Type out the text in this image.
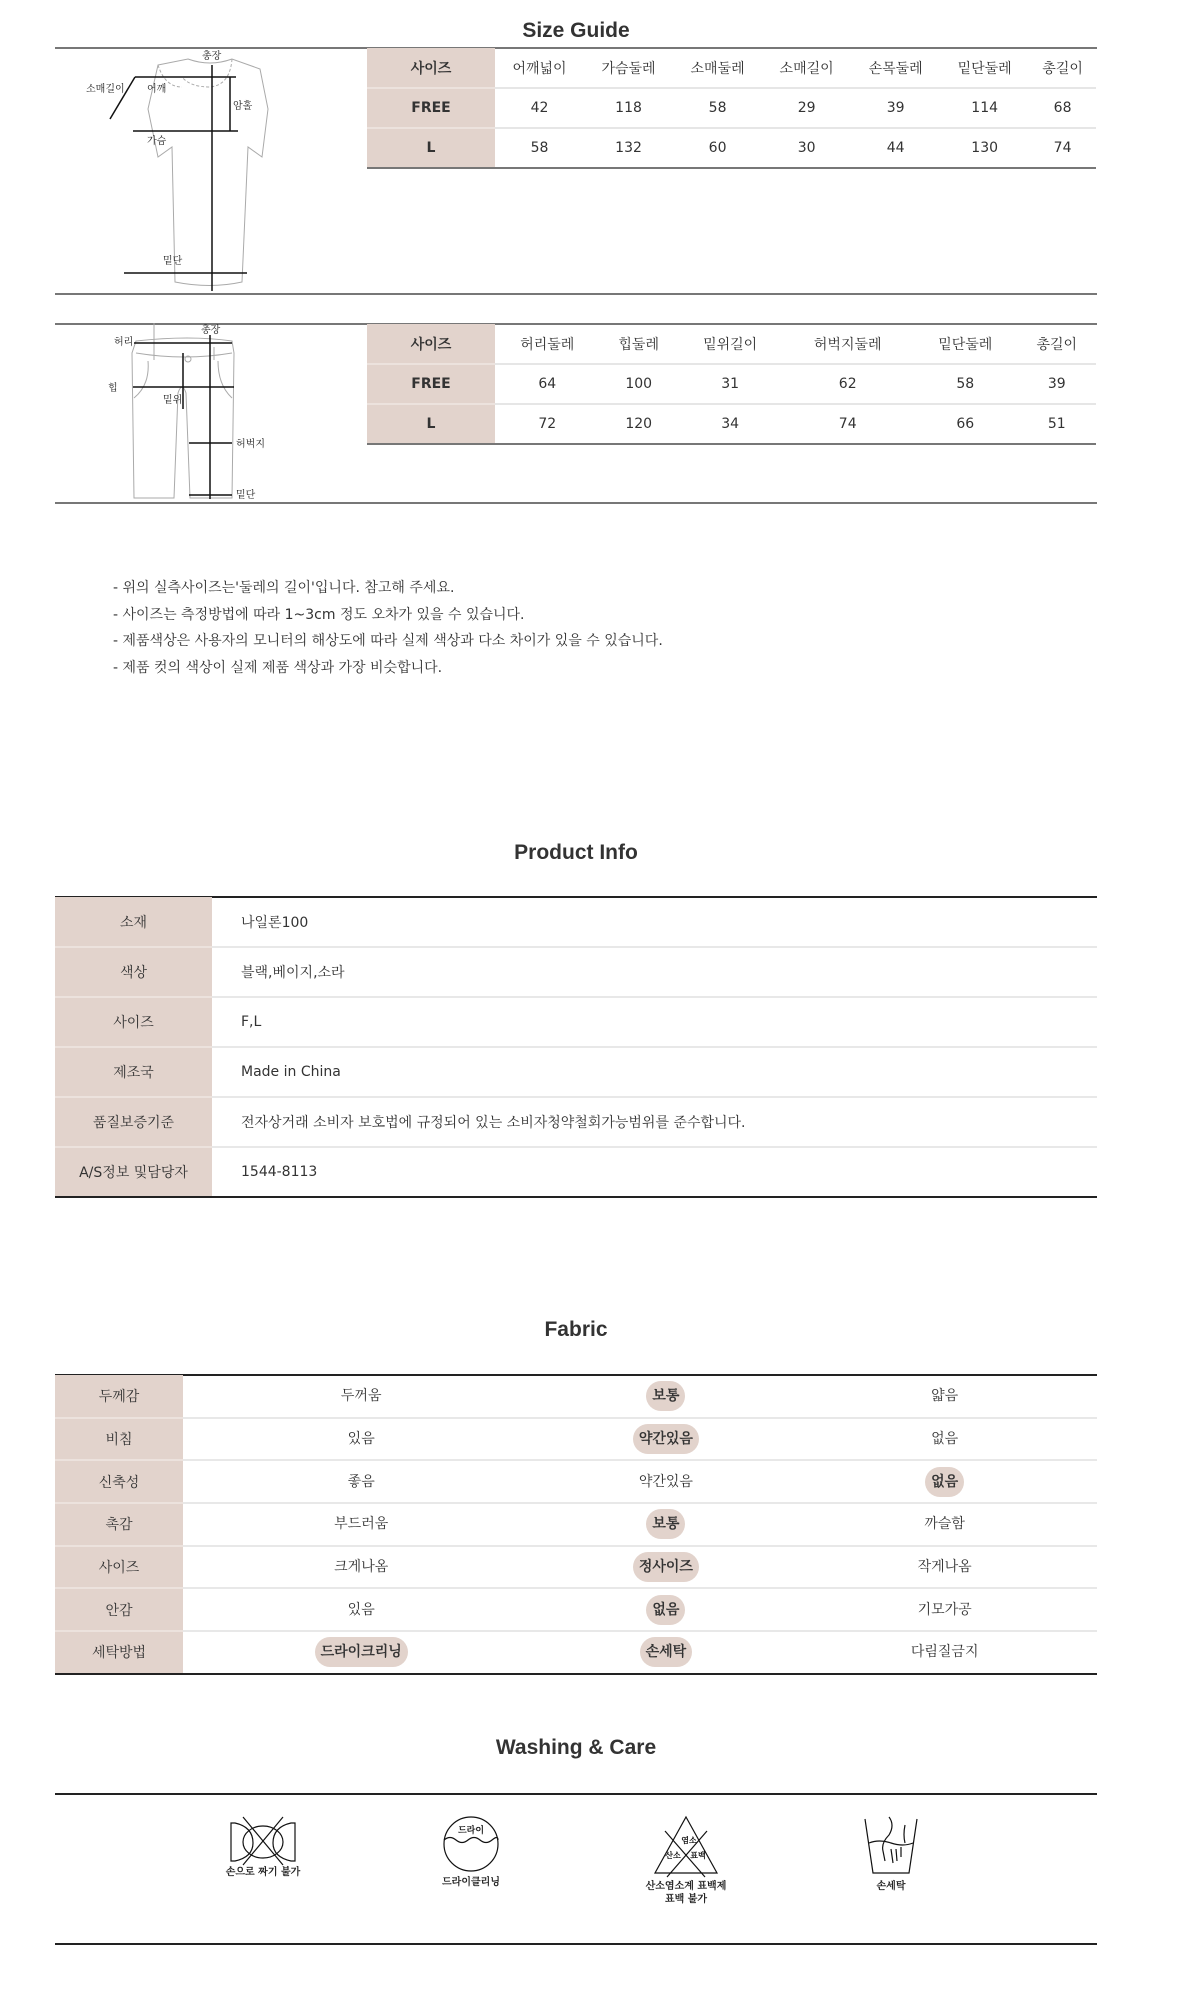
Size Guide
총장
소매길이 어깨
암홀
가슴
밑단
사이즈	어깨넓이	가슴둘레	소매둘레	소매길이	손목둘레	밑단둘레	총길이
FREE	42	118	58	29	39	114	68
L	58	132	60	30	44	130	74
총장
허리
힙
밑위
허벅지
밑단
사이즈	허리둘레	힙둘레	밑위길이	허벅지둘레	밑단둘레	총길이
FREE	64	100	31	62	58	39
L	72	120	34	74	66	51
- 위의 실측사이즈는'둘레의 길이'입니다. 참고해 주세요.
- 사이즈는 측정방법에 따라 1~3cm 정도 오차가 있을 수 있습니다.
- 제품색상은 사용자의 모니터의 해상도에 따라 실제 색상과 다소 차이가 있을 수 있습니다.
- 제품 컷의 색상이 실제 제품 색상과 가장 비슷합니다.
Product Info
소재	나일론100
색상	블랙,베이지,소라
사이즈	F,L
제조국	Made in China
품질보증기준	전자상거래 소비자 보호법에 규정되어 있는 소비자청약철회가능범위를 준수합니다.
A/S정보 및담당자	1544-8113
Fabric
두께감	두꺼움	보통	얇음
비침	있음	약간있음	없음
신축성	좋음	약간있음	없음
촉감	부드러움	보통	까슬함
사이즈	크게나옴	정사이즈	작게나옴
안감	있음	없음	기모가공
세탁방법	드라이크리닝	손세탁	다림질금지
Washing & Care
손으로 짜기 불가
드라이
드라이클리닝
염소
산소 표백
산소염소계 표백제
표백 불가
손세탁
